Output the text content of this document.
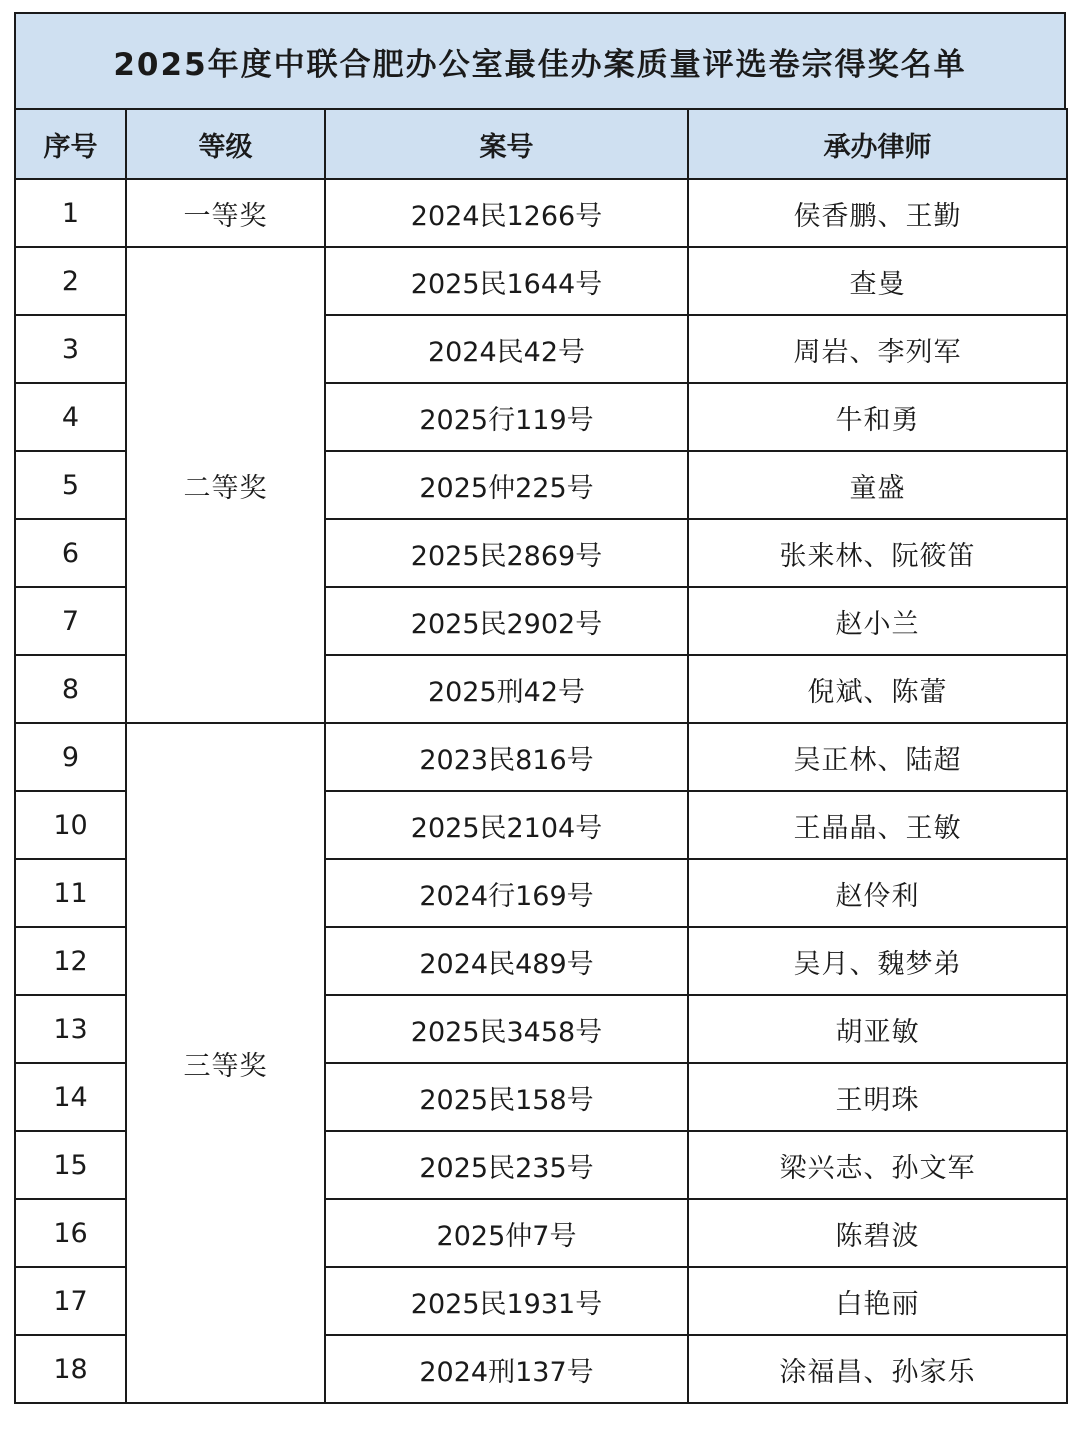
2025年度中联合肥办公室最佳办案质量评选卷宗得奖名单
序号	等级	案号	承办律师
1	一等奖	2024民1266号	侯香鹏、王勤
2	二等奖	2025民1644号	查曼
3		2024民42号	周岩、李列军
4		2025行119号	牛和勇
5		2025仲225号	童盛
6		2025民2869号	张来林、阮筱笛
7		2025民2902号	赵小兰
8		2025刑42号	倪斌、陈蕾
9	三等奖	2023民816号	吴正林、陆超
10		2025民2104号	王晶晶、王敏
11		2024行169号	赵伶利
12		2024民489号	吴月、魏梦弟
13		2025民3458号	胡亚敏
14		2025民158号	王明珠
15		2025民235号	梁兴志、孙文军
16		2025仲7号	陈碧波
17		2025民1931号	白艳丽
18		2024刑137号	涂福昌、孙家乐
